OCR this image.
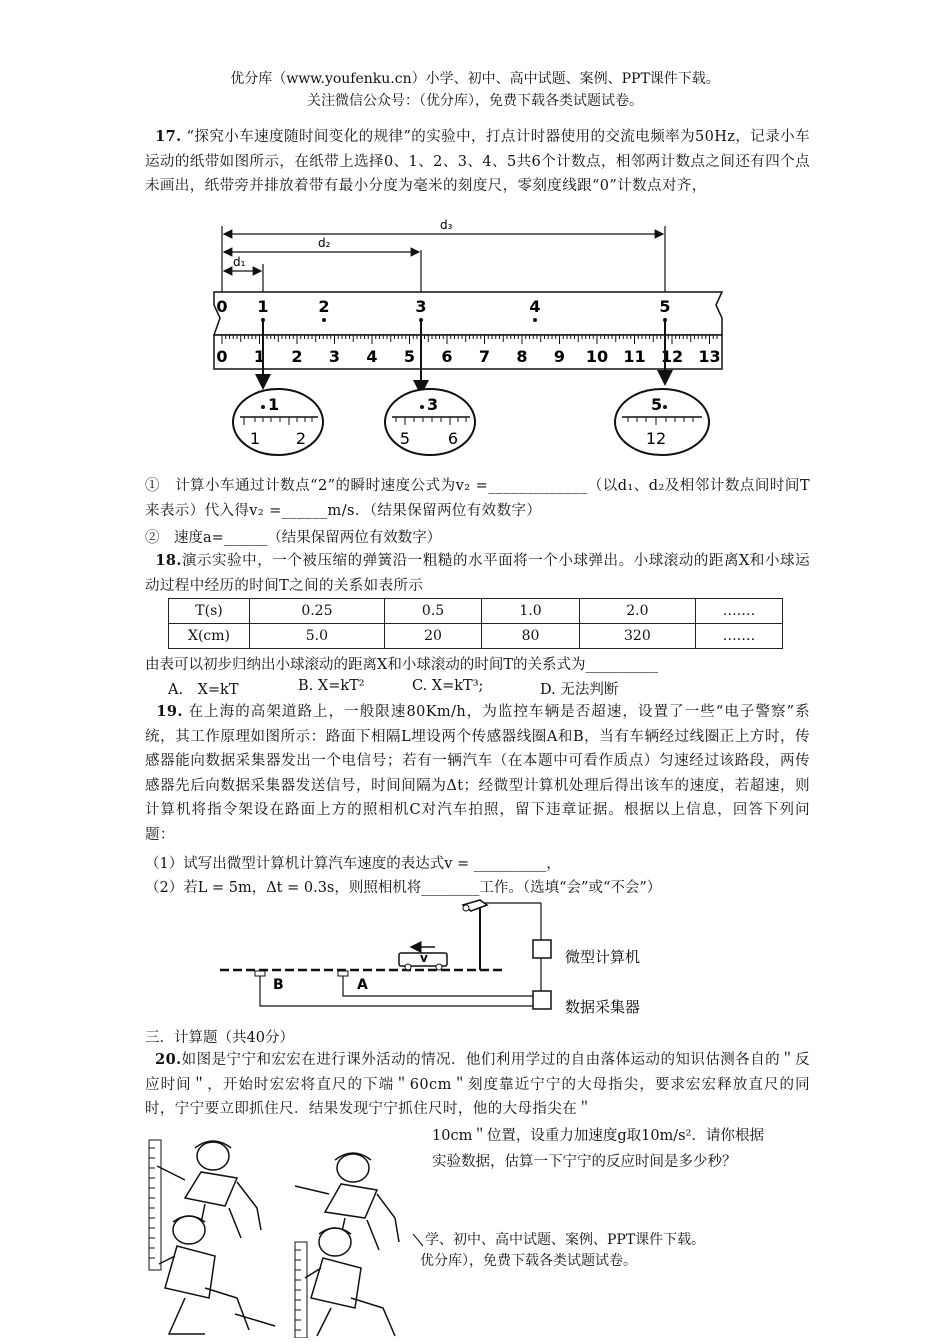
优分库（www.youfenku.cn）小学、初中、高中试题、案例、PPT课件下载。
关注微信公众号：（优分库），免费下载各类试题试卷。
17. “探究小车速度随时间变化的规律”的实验中，打点计时器使用的交流电频率为50Hz，记录小车运动的纸带如图所示，在纸带上选择0、1、2、3、4、5共6个计数点，相邻两计数点之间还有四个点未画出，纸带旁并排放着带有最小分度为毫米的刻度尺，零刻度线跟“0”计数点对齐，
d₃
d₂
d₁
0 1	2	3	4	5
0 1 2 3 4 5 6 7 8 9 10 11 12 13
1
1 2
3
5 6
5
12
①　计算小车通过计数点“2”的瞬时速度公式为v₂ =_____________（以d₁、d₂及相邻计数点间时间T来表示）代入得v₂ =______m/s．（结果保留两位有效数字）
②　速度a=______（结果保留两位有效数字）
18.演示实验中，一个被压缩的弹簧沿一粗糙的水平面将一个小球弹出。小球滚动的距离X和小球运动过程中经历的时间T之间的关系如表所示
T(s)	0.25	0.5	1.0	2.0	….…
X(cm)	5.0	20	80	320	….…
由表可以初步归纳出小球滚动的距离X和小球滚动的时间T的关系式为__________
A.　X=kT	B. X=kT²	C. X=kT³;	D. 无法判断
19. 在上海的高架道路上，一般限速80Km/h，为监控车辆是否超速，设置了一些“电子警察”系统，其工作原理如图所示：路面下相隔L埋设两个传感器线圈A和B，当有车辆经过线圈正上方时，传感器能向数据采集器发出一个电信号；若有一辆汽车（在本题中可看作质点）匀速经过该路段，两传感器先后向数据采集器发送信号，时间间隔为Δt；经微型计算机处理后得出该车的速度，若超速，则计算机将指令架设在路面上方的照相机C对汽车拍照，留下违章证据。根据以上信息，回答下列问题：
（1）试写出微型计算机计算汽车速度的表达式v = __________，
（2）若L = 5m，Δt = 0.3s，则照相机将________工作。（选填“会”或“不会”）
微型计算机
数据采集器
v
B	A
三．计算题（共40分）
20.如图是宁宁和宏宏在进行课外活动的情况．他们利用学过的自由落体运动的知识估测各自的＂反应时间＂，开始时宏宏将直尺的下端＂60cm＂刻度靠近宁宁的大母指尖，要求宏宏释放直尺的同时，宁宁要立即抓住尺．结果发现宁宁抓住尺时，他的大母指尖在＂
10cm＂位置，设重力加速度g取10m/s²．请你根据
实验数据，估算一下宁宁的反应时间是多少秒？
学、初中、高中试题、案例、PPT课件下载。
优分库），免费下载各类试题试卷。
